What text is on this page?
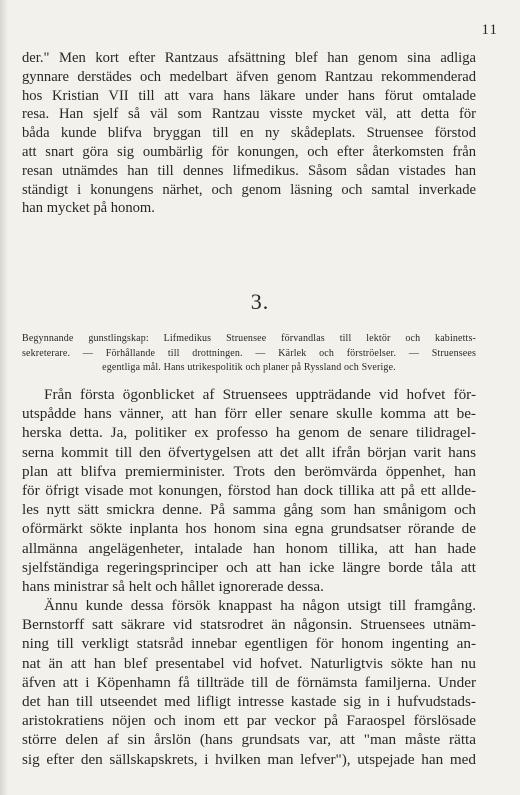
11
der." Men kort efter Rantzaus afsättning blef han genom sina adliga
gynnare derstädes och medelbart äfven genom Rantzau rekommenderad
hos Kristian VII till att vara hans läkare under hans förut omtalade
resa. Han sjelf så väl som Rantzau visste mycket väl, att detta för
båda kunde blifva bryggan till en ny skådeplats. Struensee förstod
att snart göra sig oumbärlig för konungen, och efter återkomsten från
resan utnämdes han till dennes lifmedikus. Såsom sådan vistades han
ständigt i konungens närhet, och genom läsning och samtal inverkade
han mycket på honom.
3.
Begynnande gunstlingskap: Lifmedikus Struensee förvandlas till lektör och kabinetts-
sekreterare. — Förhållande till drottningen. — Kärlek och förströelser. — Struensees
egentliga mål. Hans utrikespolitik och planer på Ryssland och Sverige.
Från första ögonblicket af Struensees uppträdande vid hofvet för-
utspådde hans vänner, att han förr eller senare skulle komma att be-
herska detta. Ja, politiker ex professo ha genom de senare tilidragel-
serna kommit till den öfvertygelsen att det allt ifrån början varit hans
plan att blifva premierminister. Trots den berömvärda öppenhet, han
för öfrigt visade mot konungen, förstod han dock tillika att på ett allde-
les nytt sätt smickra denne. På samma gång som han smånigom och
oförmärkt sökte inplanta hos honom sina egna grundsatser rörande de
allmänna angelägenheter, intalade han honom tillika, att han hade
sjelfständiga regeringsprinciper och att han icke längre borde tåla att
hans ministrar så helt och hållet ignorerade dessa.
Ännu kunde dessa försök knappast ha någon utsigt till framgång.
Bernstorff satt säkrare vid statsrodret än någonsin. Struensees utnäm-
ning till verkligt statsråd innebar egentligen för honom ingenting an-
nat än att han blef presentabel vid hofvet. Naturligtvis sökte han nu
äfven att i Köpenhamn få tillträde till de förnämsta familjerna. Under
det han till utseendet med lifligt intresse kastade sig in i hufvudstads-
aristokratiens nöjen och inom ett par veckor på Faraospel förslösade
större delen af sin årslön (hans grundsats var, att "man måste rätta
sig efter den sällskapskrets, i hvilken man lefver"), utspejade han med
